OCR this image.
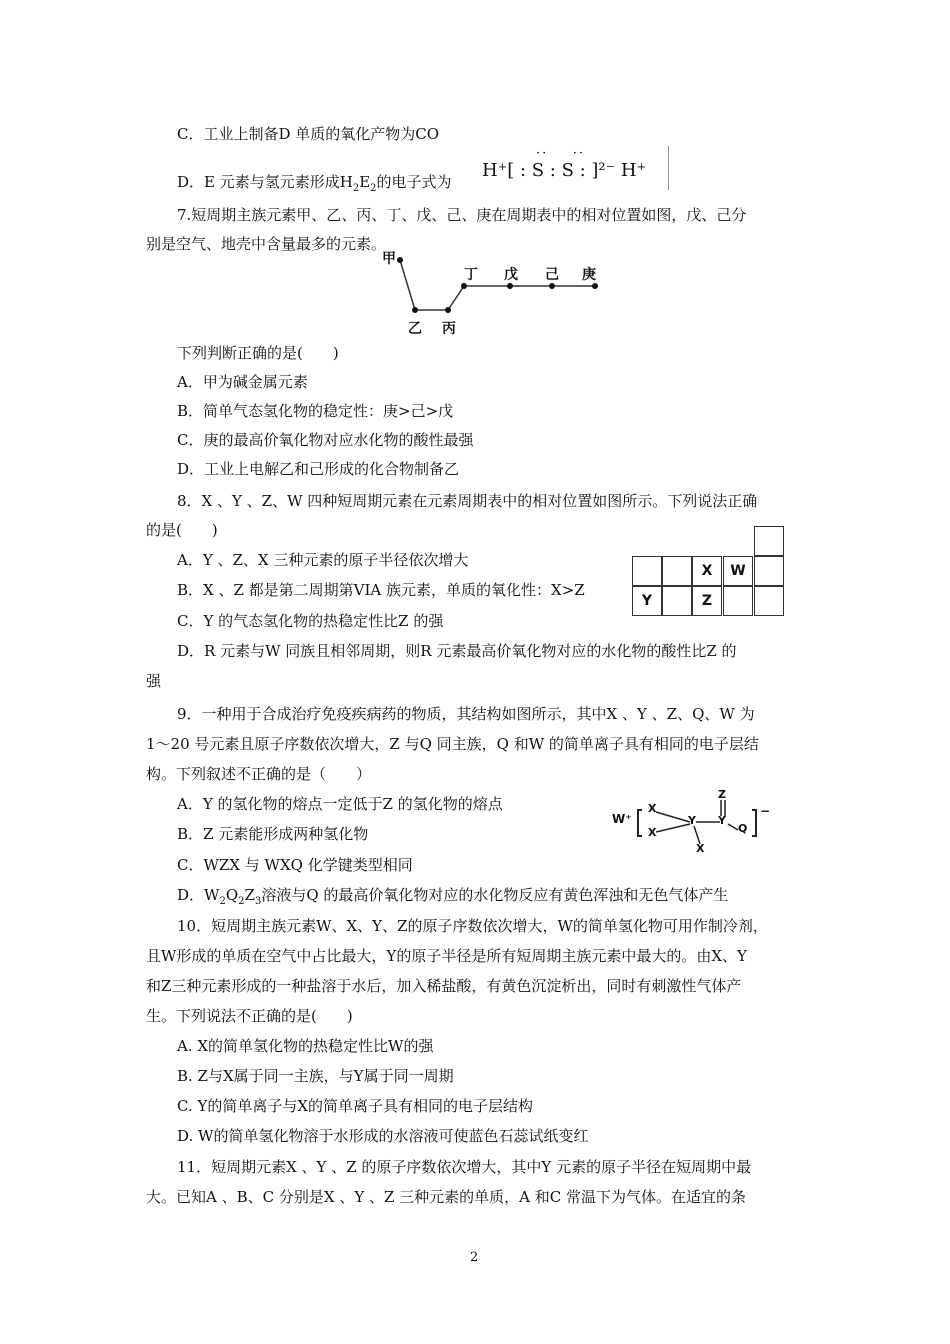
C．工业上制备D 单质的氧化产物为CO
D．E 元素与氢元素形成$H_2E_2$的电子式为
··    ··
H⁺[ : S : S : ]²⁻ H⁺
7.短周期主族元素甲、乙、丙、丁、戊、己、庚在周期表中的相对位置如图，戊、己分
别是空气、地壳中含量最多的元素。
甲
乙 丙
丁 戊 己 庚
下列判断正确的是(　　)
A．甲为碱金属元素
B．简单气态氢化物的稳定性：庚>己>戊
C．庚的最高价氧化物对应水化物的酸性最强
D．工业上电解乙和己形成的化合物制备乙
8．X 、Y 、Z、W 四种短周期元素在元素周期表中的相对位置如图所示。下列说法正确
的是(　　)
A．Y 、Z、X 三种元素的原子半径依次增大
B．X 、Z 都是第二周期第VIA 族元素，单质的氧化性：X>Z
C．Y 的气态氢化物的热稳定性比Z 的强
D．R 元素与W 同族且相邻周期，则R 元素最高价氧化物对应的水化物的酸性比Z 的
强
X	W
Y	Z
9．一种用于合成治疗免疫疾病药的物质，其结构如图所示，其中X 、Y 、Z、Q、W 为
1～20 号元素且原子序数依次增大，Z 与Q 同主族，Q 和W 的简单离子具有相同的电子层结
构。下列叙述不正确的是（　　）
A．Y 的氢化物的熔点一定低于Z 的氢化物的熔点
B．Z 元素能形成两种氢化物
C．WZX 与 WXQ 化学键类型相同
D．$W_2Q_2Z_3$溶液与Q 的最高价氧化物对应的水化物反应有黄色浑浊和无色气体产生
W⁺
X
X
Y
X
Y
Z
Q
−
10．短周期主族元素W、X、Y、Z的原子序数依次增大，W的简单氢化物可用作制冷剂，
且W形成的单质在空气中占比最大，Y的原子半径是所有短周期主族元素中最大的。由X、Y
和Z三种元素形成的一种盐溶于水后，加入稀盐酸，有黄色沉淀析出，同时有刺激性气体产
生。下列说法不正确的是(　　)
A. X的简单氢化物的热稳定性比W的强
B. Z与X属于同一主族，与Y属于同一周期
C. Y的简单离子与X的简单离子具有相同的电子层结构
D. W的简单氢化物溶于水形成的水溶液可使蓝色石蕊试纸变红
11．短周期元素X 、Y 、Z 的原子序数依次增大，其中Y 元素的原子半径在短周期中最
大。已知A 、B、C 分别是X 、Y 、Z 三种元素的单质，A 和C 常温下为气体。在适宜的条
2
